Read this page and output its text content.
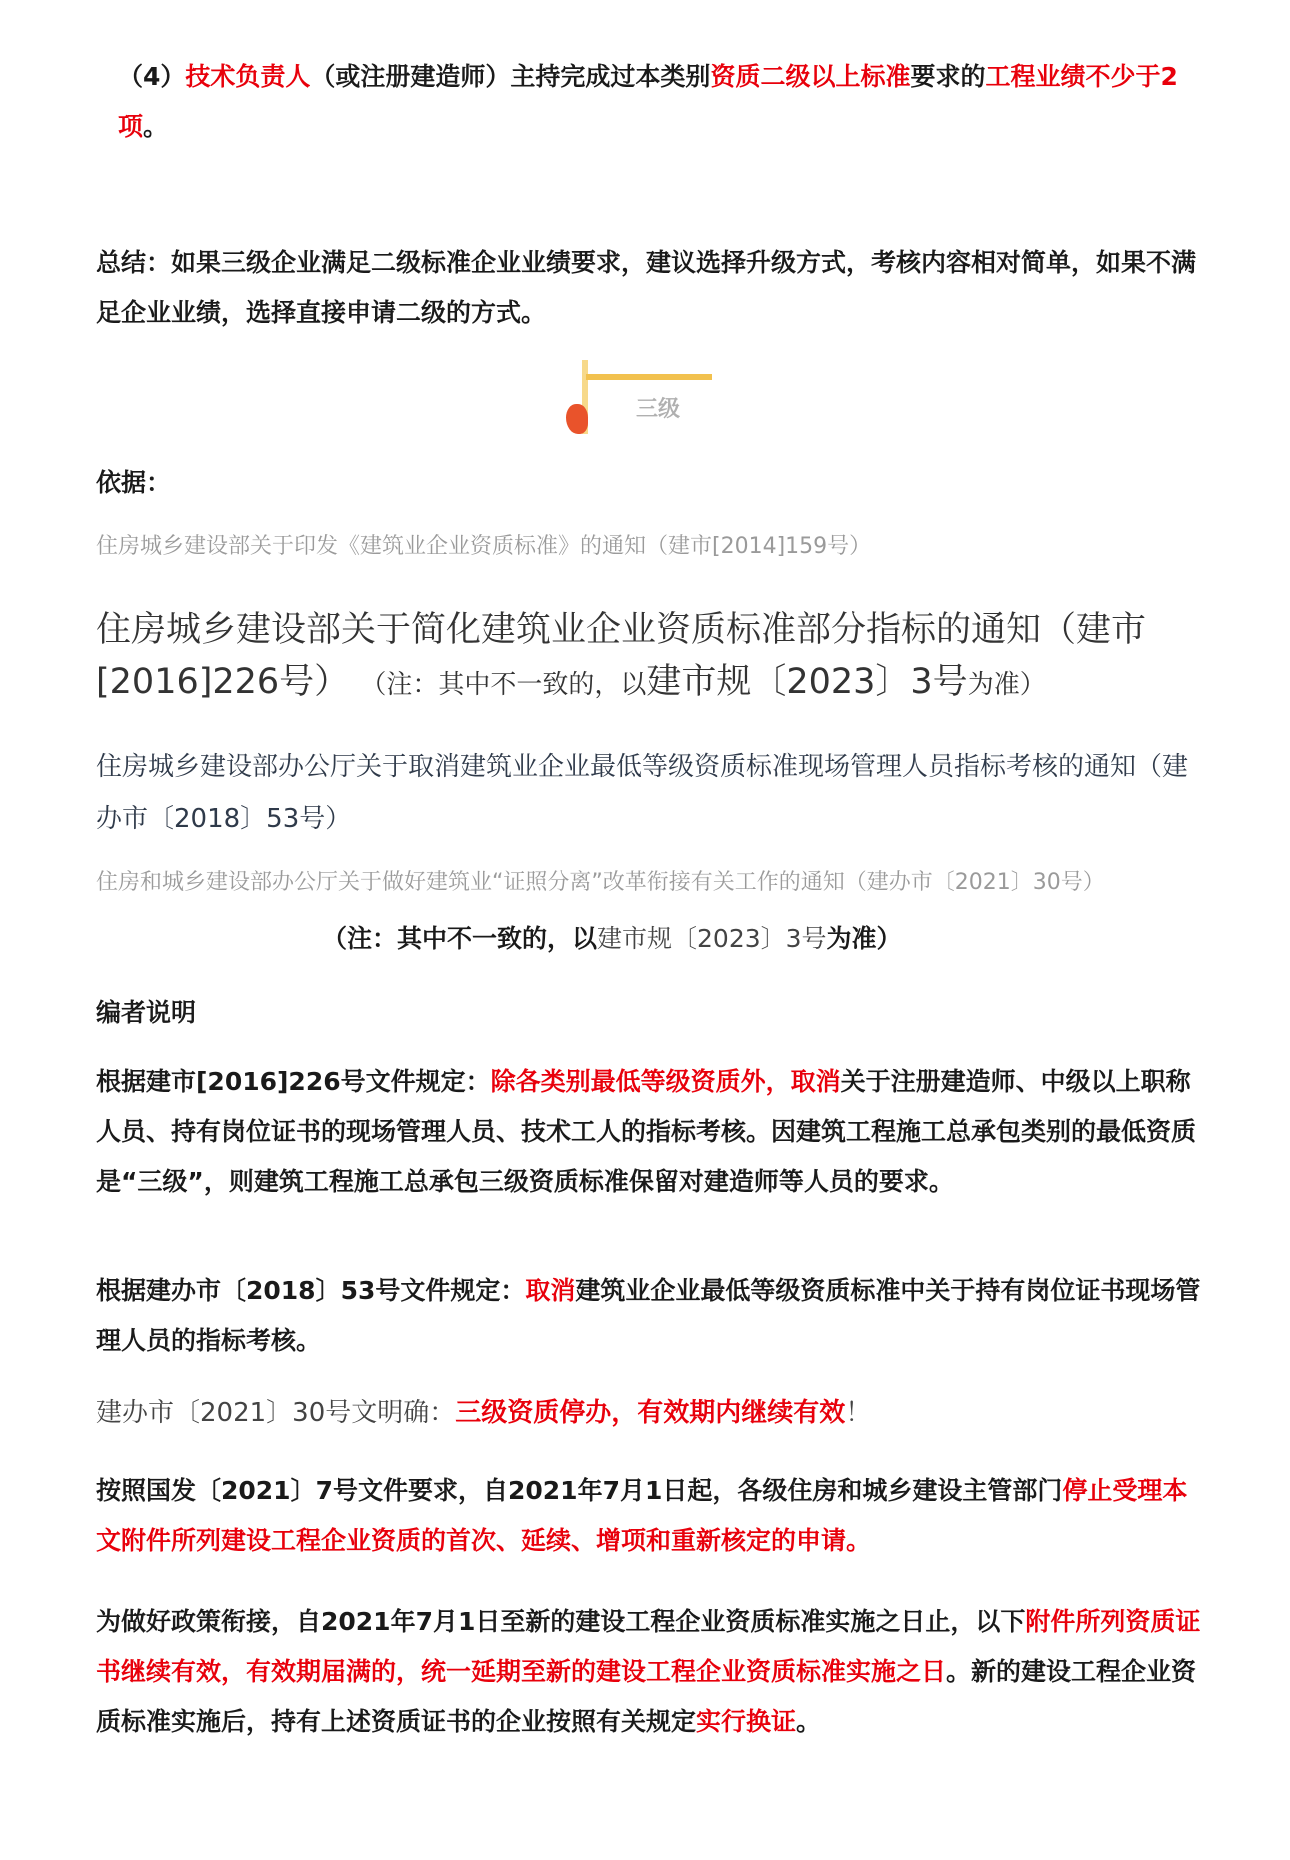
（4）技术负责人（或注册建造师）主持完成过本类别资质二级以上标准要求的工程业绩不少于2项。
总结：如果三级企业满足二级标准企业业绩要求，建议选择升级方式，考核内容相对简单，如果不满足企业业绩，选择直接申请二级的方式。
三级
依据：
住房城乡建设部关于印发《建筑业企业资质标准》的通知（建市[2014]159号）
住房城乡建设部关于简化建筑业企业资质标准部分指标的通知（建市[2016]226号） （注：其中不一致的，以建市规〔2023〕3号为准）
住房城乡建设部办公厅关于取消建筑业企业最低等级资质标准现场管理人员指标考核的通知（建办市〔2018〕53号）
住房和城乡建设部办公厅关于做好建筑业“证照分离”改革衔接有关工作的通知（建办市〔2021〕30号）
（注：其中不一致的，以建市规〔2023〕3号为准）
编者说明
根据建市[2016]226号文件规定：除各类别最低等级资质外，取消关于注册建造师、中级以上职称人员、持有岗位证书的现场管理人员、技术工人的指标考核。因建筑工程施工总承包类别的最低资质是“三级”，则建筑工程施工总承包三级资质标准保留对建造师等人员的要求。
根据建办市〔2018〕53号文件规定：取消建筑业企业最低等级资质标准中关于持有岗位证书现场管理人员的指标考核。
建办市〔2021〕30号文明确：三级资质停办，有效期内继续有效！
按照国发〔2021〕7号文件要求，自2021年7月1日起，各级住房和城乡建设主管部门停止受理本文附件所列建设工程企业资质的首次、延续、增项和重新核定的申请。
为做好政策衔接，自2021年7月1日至新的建设工程企业资质标准实施之日止，以下附件所列资质证书继续有效，有效期届满的，统一延期至新的建设工程企业资质标准实施之日。新的建设工程企业资质标准实施后，持有上述资质证书的企业按照有关规定实行换证。
